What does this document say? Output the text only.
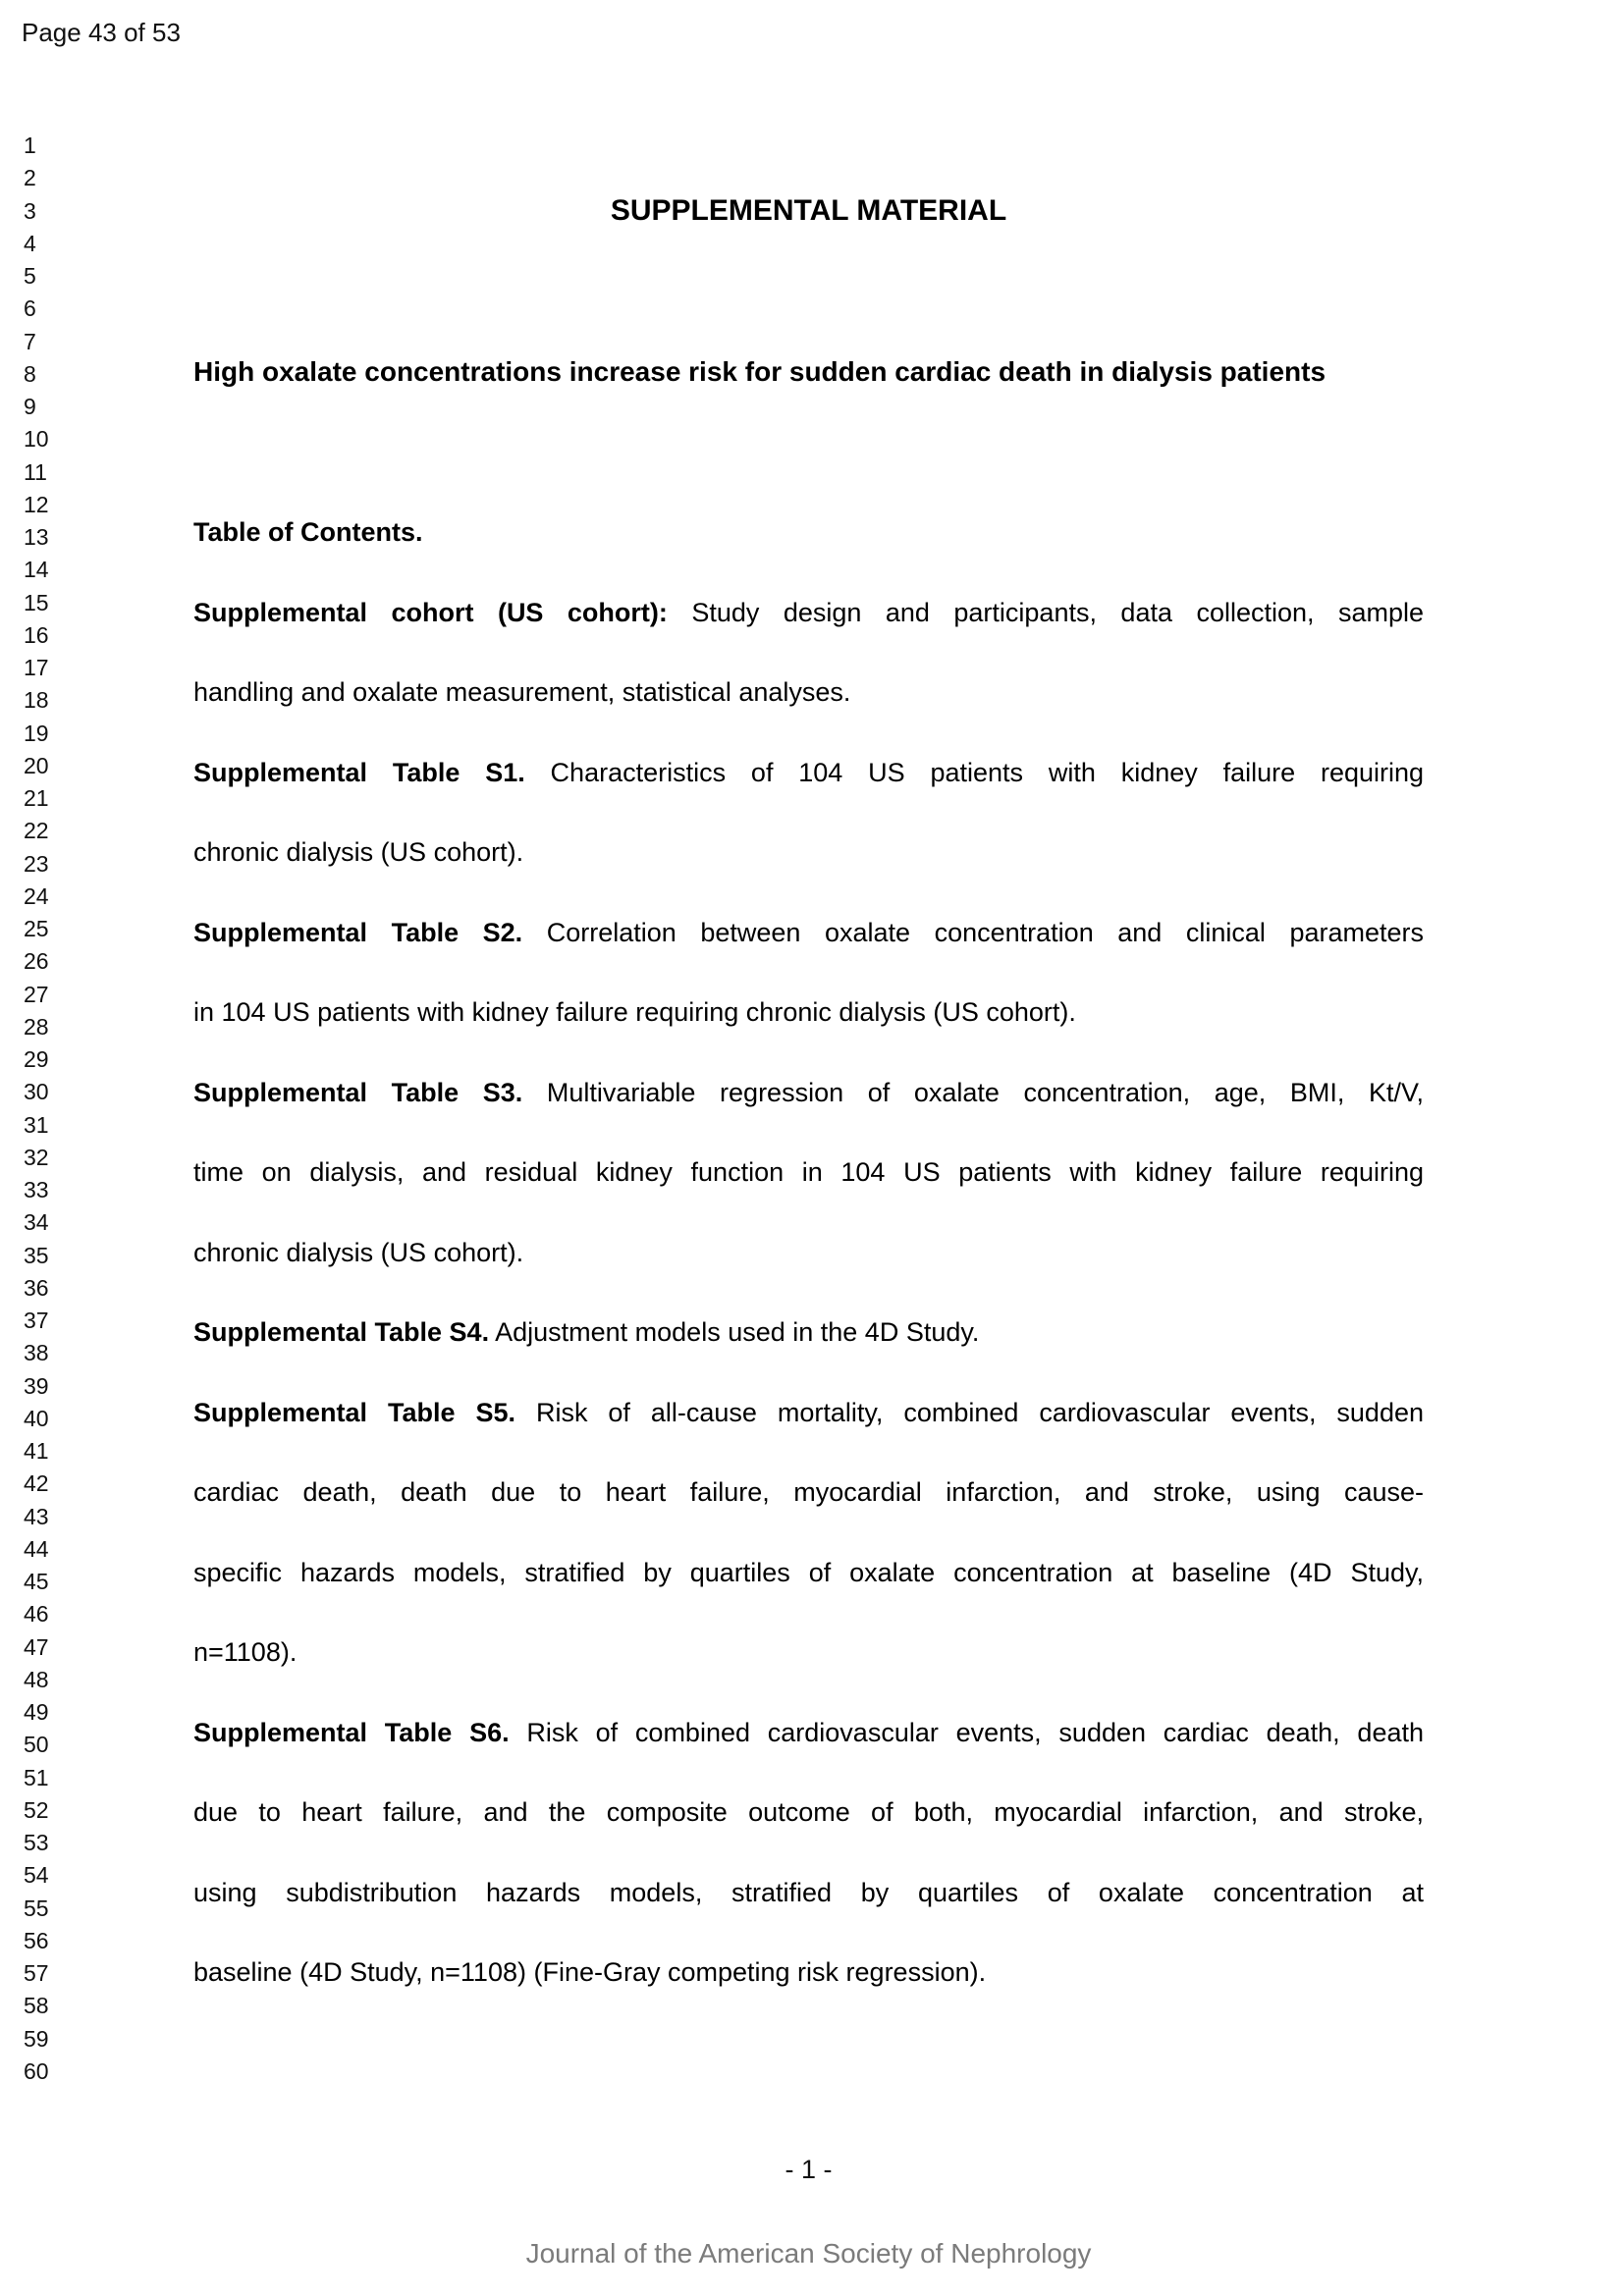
Page 43 of 53
1
2
3
4
5
6
7
8
9
10
11
12
13
14
15
16
17
18
19
20
21
22
23
24
25
26
27
28
29
30
31
32
33
34
35
36
37
38
39
40
41
42
43
44
45
46
47
48
49
50
51
52
53
54
55
56
57
58
59
60
SUPPLEMENTAL MATERIAL
High oxalate concentrations increase risk for sudden cardiac death in dialysis patients
Table of Contents.
Supplemental cohort (US cohort): Study design and participants, data collection, sample
handling and oxalate measurement, statistical analyses.
Supplemental Table S1. Characteristics of 104 US patients with kidney failure requiring
chronic dialysis (US cohort).
Supplemental Table S2. Correlation between oxalate concentration and clinical parameters
in 104 US patients with kidney failure requiring chronic dialysis (US cohort).
Supplemental Table S3. Multivariable regression of oxalate concentration, age, BMI, Kt/V,
time on dialysis, and residual kidney function in 104 US patients with kidney failure requiring
chronic dialysis (US cohort).
Supplemental Table S4. Adjustment models used in the 4D Study.
Supplemental Table S5. Risk of all-cause mortality, combined cardiovascular events, sudden
cardiac death, death due to heart failure, myocardial infarction, and stroke, using cause-
specific hazards models, stratified by quartiles of oxalate concentration at baseline (4D Study,
n=1108).
Supplemental Table S6. Risk of combined cardiovascular events, sudden cardiac death, death
due to heart failure, and the composite outcome of both, myocardial infarction, and stroke,
using subdistribution hazards models, stratified by quartiles of oxalate concentration at
baseline (4D Study, n=1108) (Fine-Gray competing risk regression).
- 1 -
Journal of the American Society of Nephrology
